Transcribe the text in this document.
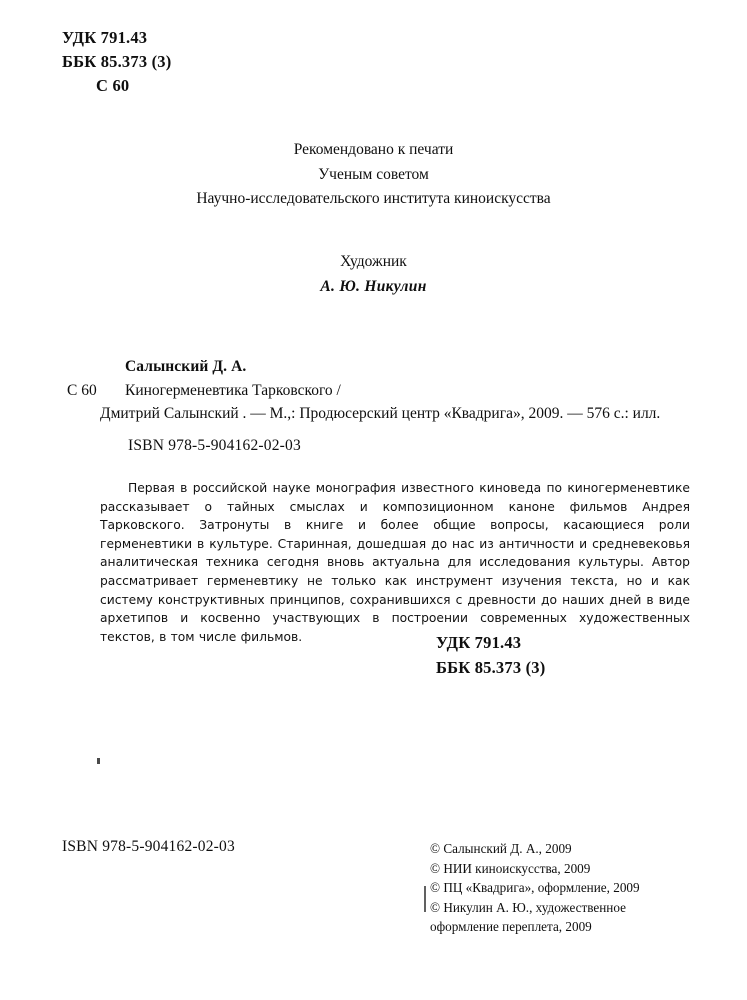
УДК 791.43
ББК 85.373 (3)
С 60
Рекомендовано к печати
Ученым советом
Научно-исследовательского института киноискусства
Художник
А. Ю. Никулин
Салынский Д. А.
С 60 Киногерменевтика Тарковского /
Дмитрий Салынский . — М.,: Продюсерский центр «Квадрига», 2009. — 576 с.: илл.
ISBN 978-5-904162-02-03
Первая в российской науке монография известного киноведа по киногерменевтике рассказывает о тайных смыслах и композиционном каноне фильмов Андрея Тарковского. Затронуты в книге и более общие вопросы, касающиеся роли герменевтики в культуре. Старинная, дошедшая до нас из античности и средневековья аналитическая техника сегодня вновь актуальна для исследования культуры. Автор рассматривает герменевтику не только как инструмент изучения текста, но и как систему конструктивных принципов, сохранившихся с древности до наших дней в виде архетипов и косвенно участвующих в построении современных художественных текстов, в том числе фильмов.	УДК 791.43
ББК 85.373 (3)
ISBN 978-5-904162-02-03	© Салынский Д. А., 2009
© НИИ киноискусства, 2009
© ПЦ «Квадрига», оформление, 2009
© Никулин А. Ю., художественное
оформление переплета, 2009
